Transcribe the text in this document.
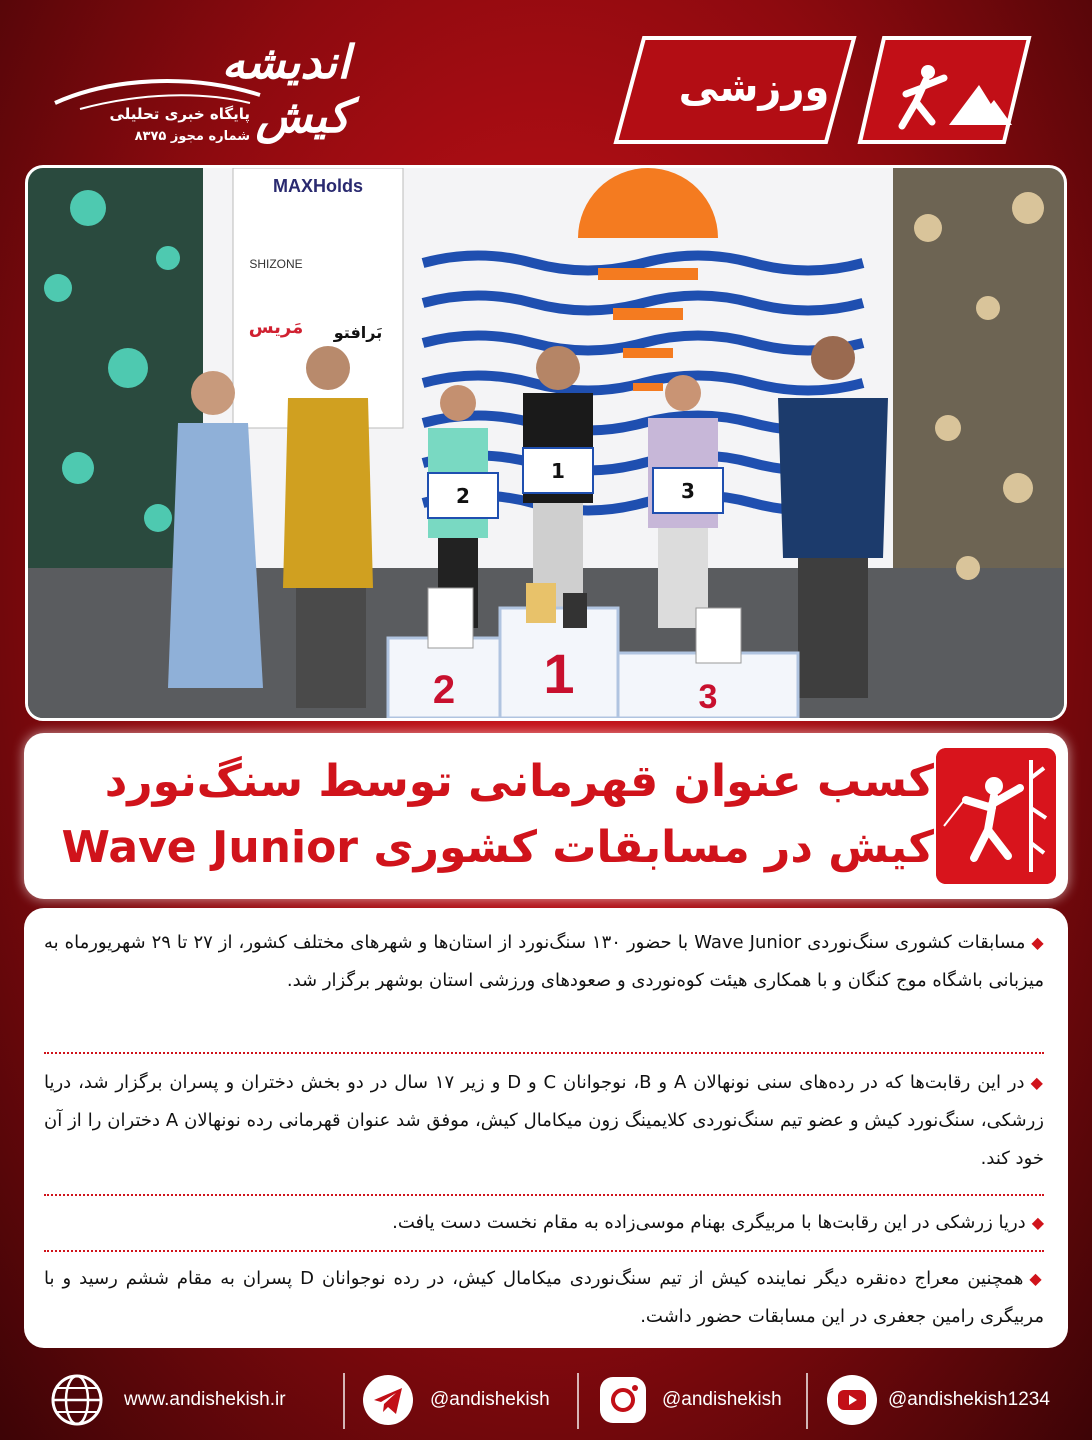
اندیشه کیش
پایگاه خبری تحلیلی
شماره مجوز ۸۳۷۵
ورزشی
MAXHolds
SHIZONE
مَریس بَرافتو
2
1
3
2 1	3
کسب عنوان قهرمانی توسط سنگ‌نورد
کیش در مسابقات کشوری Wave Junior
◆مسابقات کشوری سنگ‌نوردی Wave Junior با حضور ۱۳۰ سنگ‌نورد از استان‌ها و شهرهای مختلف کشور، از ۲۷ تا ۲۹ شهریورماه به میزبانی باشگاه موج کنگان و با همکاری هیئت کوه‌نوردی و صعودهای ورزشی استان بوشهر برگزار شد.
◆در این رقابت‌ها که در رده‌های سنی نونهالان A و B، نوجوانان C و D و زیر ۱۷ سال در دو بخش دختران و پسران برگزار شد، دریا زرشکی، سنگ‌نورد کیش و عضو تیم سنگ‌نوردی کلایمینگ زون میکامال کیش، موفق شد عنوان قهرمانی رده نونهالان A دختران را از آن خود کند.
◆دریا زرشکی در این رقابت‌ها با مربیگری بهنام موسی‌زاده به مقام نخست دست یافت.
◆همچنین معراج ده‌نقره دیگر نماینده کیش از تیم سنگ‌نوردی میکامال کیش، در رده نوجوانان D پسران به مقام ششم رسید و با مربیگری رامین جعفری در این مسابقات حضور داشت.
www.andishekish.ir	@andishekish	@andishekish	@andishekish1234
